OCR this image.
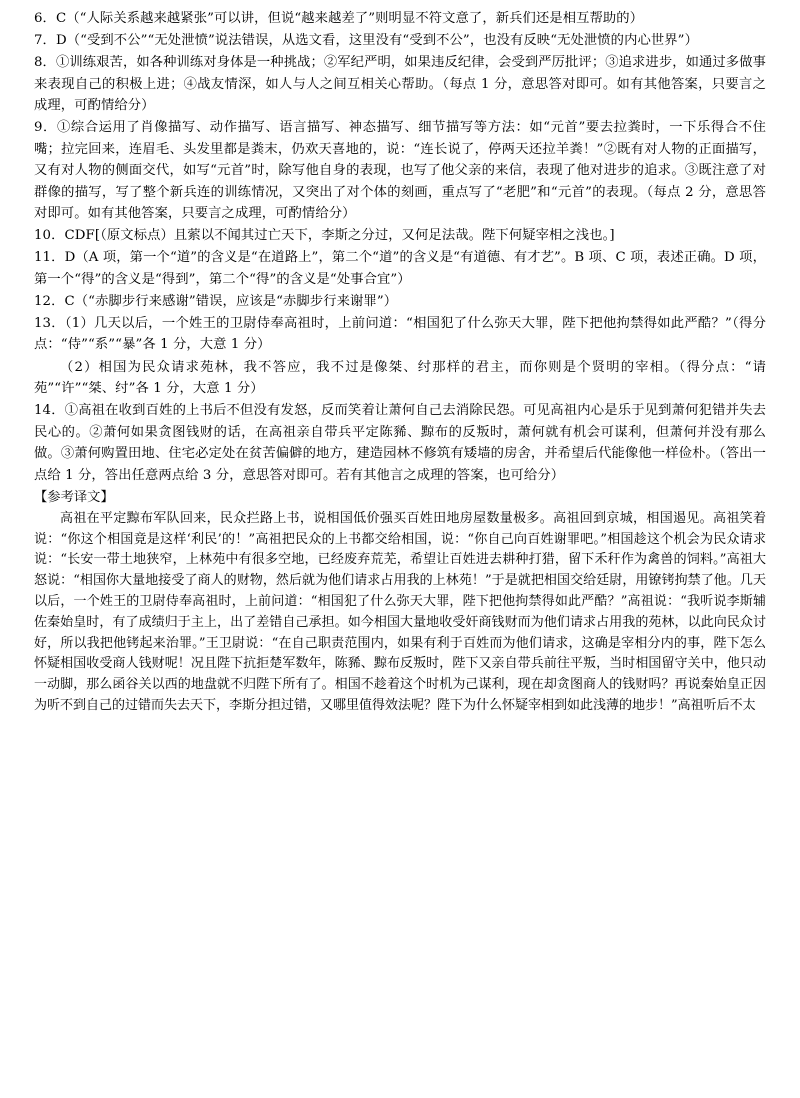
6．C（“人际关系越来越紧张”可以讲，但说“越来越差了”则明显不符文意了，新兵们还是相互帮助的）

7．D（“受到不公”“无处泄愤”说法错误，从选文看，这里没有“受到不公”，也没有反映“无处泄愤的内心世界”）

8．①训练艰苦，如各种训练对身体是一种挑战；②军纪严明，如果违反纪律，会受到严厉批评；③追求进步，如通过多做事来表现自己的积极上进；④战友情深，如人与人之间互相关心帮助。（每点 1 分，意思答对即可。如有其他答案，只要言之成理，可酌情给分）

9．①综合运用了肖像描写、动作描写、语言描写、神态描写、细节描写等方法：如“元首”要去拉粪时，一下乐得合不住嘴；拉完回来，连眉毛、头发里都是粪末，仍欢天喜地的，说：“连长说了，停两天还拉羊粪！”②既有对人物的正面描写，又有对人物的侧面交代，如写“元首”时，除写他自身的表现，也写了他父亲的来信，表现了他对进步的追求。③既注意了对群像的描写，写了整个新兵连的训练情况，又突出了对个体的刻画，重点写了“老肥”和“元首”的表现。（每点 2 分，意思答对即可。如有其他答案，只要言之成理，可酌情给分）

10．CDF[（原文标点）且萦以不闻其过亡天下，李斯之分过，又何足法哉。陛下何疑宰相之浅也。]

11．D（A 项，第一个“道”的含义是“在道路上”，第二个“道”的含义是“有道德、有才艺”。B 项、C 项，表述正确。D 项，第一个“得”的含义是“得到”，第二个“得”的含义是“处事合宜”）

12．C（“赤脚步行来感谢”错误，应该是“赤脚步行来谢罪”）

13．（1）几天以后，一个姓王的卫尉侍奉高祖时，上前问道：“相国犯了什么弥天大罪，陛下把他拘禁得如此严酷？”（得分点：“侍”“系”“暴”各 1 分，大意 1 分）

（2）相国为民众请求苑林，我不答应，我不过是像桀、纣那样的君主，而你则是个贤明的宰相。（得分点：“请苑”“许”“桀、纣”各 1 分，大意 1 分）

14．①高祖在收到百姓的上书后不但没有发怒，反而笑着让萧何自己去消除民怨。可见高祖内心是乐于见到萧何犯错并失去民心的。②萧何如果贪图钱财的话，在高祖亲自带兵平定陈豨、黥布的反叛时，萧何就有机会可谋利，但萧何并没有那么做。③萧何购置田地、住宅必定处在贫苦偏僻的地方，建造园林不修筑有矮墙的房舍，并希望后代能像他一样俭朴。（答出一点给 1 分，答出任意两点给 3 分，意思答对即可。若有其他言之成理的答案，也可给分）

【参考译文】

高祖在平定黥布军队回来，民众拦路上书，说相国低价强买百姓田地房屋数量极多。高祖回到京城，相国遏见。高祖笑着说：“你这个相国竟是这样‘利民’的！”高祖把民众的上书都交给相国，说：“你自己向百姓谢罪吧。”相国趁这个机会为民众请求说：“长安一带土地狭窄，上林苑中有很多空地，已经废弃荒芜，希望让百姓进去耕种打猎，留下禾秆作为禽兽的饲料。”高祖大怒说：“相国你大量地接受了商人的财物，然后就为他们请求占用我的上林苑！”于是就把相国交给廷尉，用镣铐拘禁了他。几天以后，一个姓王的卫尉侍奉高祖时，上前问道：“相国犯了什么弥天大罪，陛下把他拘禁得如此严酷？”高祖说：“我听说李斯辅佐秦始皇时，有了成绩归于主上，出了差错自己承担。如今相国大量地收受奸商钱财而为他们请求占用我的苑林，以此向民众讨好，所以我把他铐起来治罪。”王卫尉说：“在自己职责范围内，如果有利于百姓而为他们请求，这确是宰相分内的事，陛下怎么怀疑相国收受商人钱财呢！况且陛下抗拒楚军数年，陈豨、黥布反叛时，陛下又亲自带兵前往平叛，当时相国留守关中，他只动一动脚，那么函谷关以西的地盘就不归陛下所有了。相国不趁着这个时机为己谋利，现在却贪图商人的钱财吗？再说秦始皇正因为听不到自己的过错而失去天下，李斯分担过错，又哪里值得效法呢？陛下为什么怀疑宰相到如此浅薄的地步！”高祖听后不太
